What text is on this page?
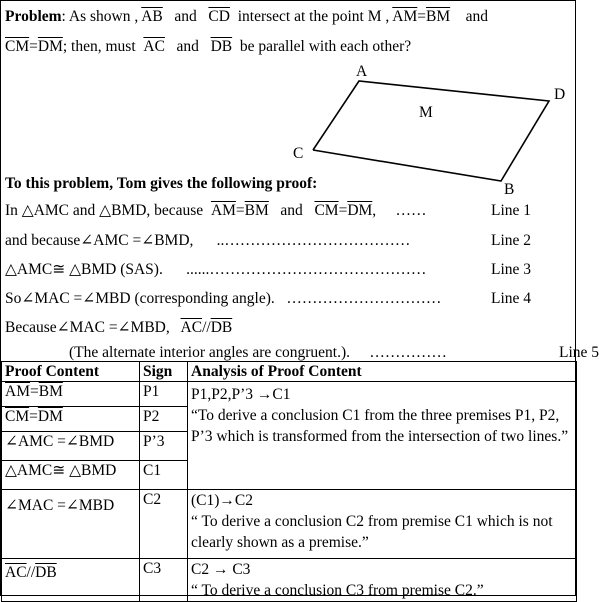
Problem: As shown , $\overline{AB}$ and $\overline{CD}$ intersect at the point M , $\overline{AM}=\overline{BM}$ and
$\overline{CM}=\overline{DM}$; then, must $\overline{AC}$ and $\overline{DB}$ be parallel with each other?
A
M
D
C
B
To this problem, Tom gives the following proof:
In △AMC and △BMD, because $\overline{AM}=\overline{BM}$ and $\overline{CM}=\overline{DM}$, ……	Line 1
and because∠AMC =∠BMD, ..………………………………	Line 2
△AMC≅ △BMD (SAS). ......……………………………………	Line 3
So∠MAC =∠MBD (corresponding angle). …………………………	Line 4
Because∠MAC =∠MBD, $\overline{AC}//\overline{DB}$
(The alternate interior angles are congruent.). ……………	Line 5
Proof Content	Sign	Analysis of Proof Content
$\overline{AM}=\overline{BM}$	P1	P1,P2,P’3 →C1
“To derive a conclusion C1 from the three premises P1, P2, P’3 which is transformed from the intersection of two lines.”

$\overline{CM}=\overline{DM}$	P2	
∠AMC =∠BMD	P’3	
△AMC≅ △BMD	C1	
∠MAC =∠MBD	C2	(C1)→C2
“ To derive a conclusion C2 from premise C1 which is not clearly shown as a premise.”

$\overline{AC}//\overline{DB}$	C3	C2 → C3
“ To derive a conclusion C3 from premise C2.”
